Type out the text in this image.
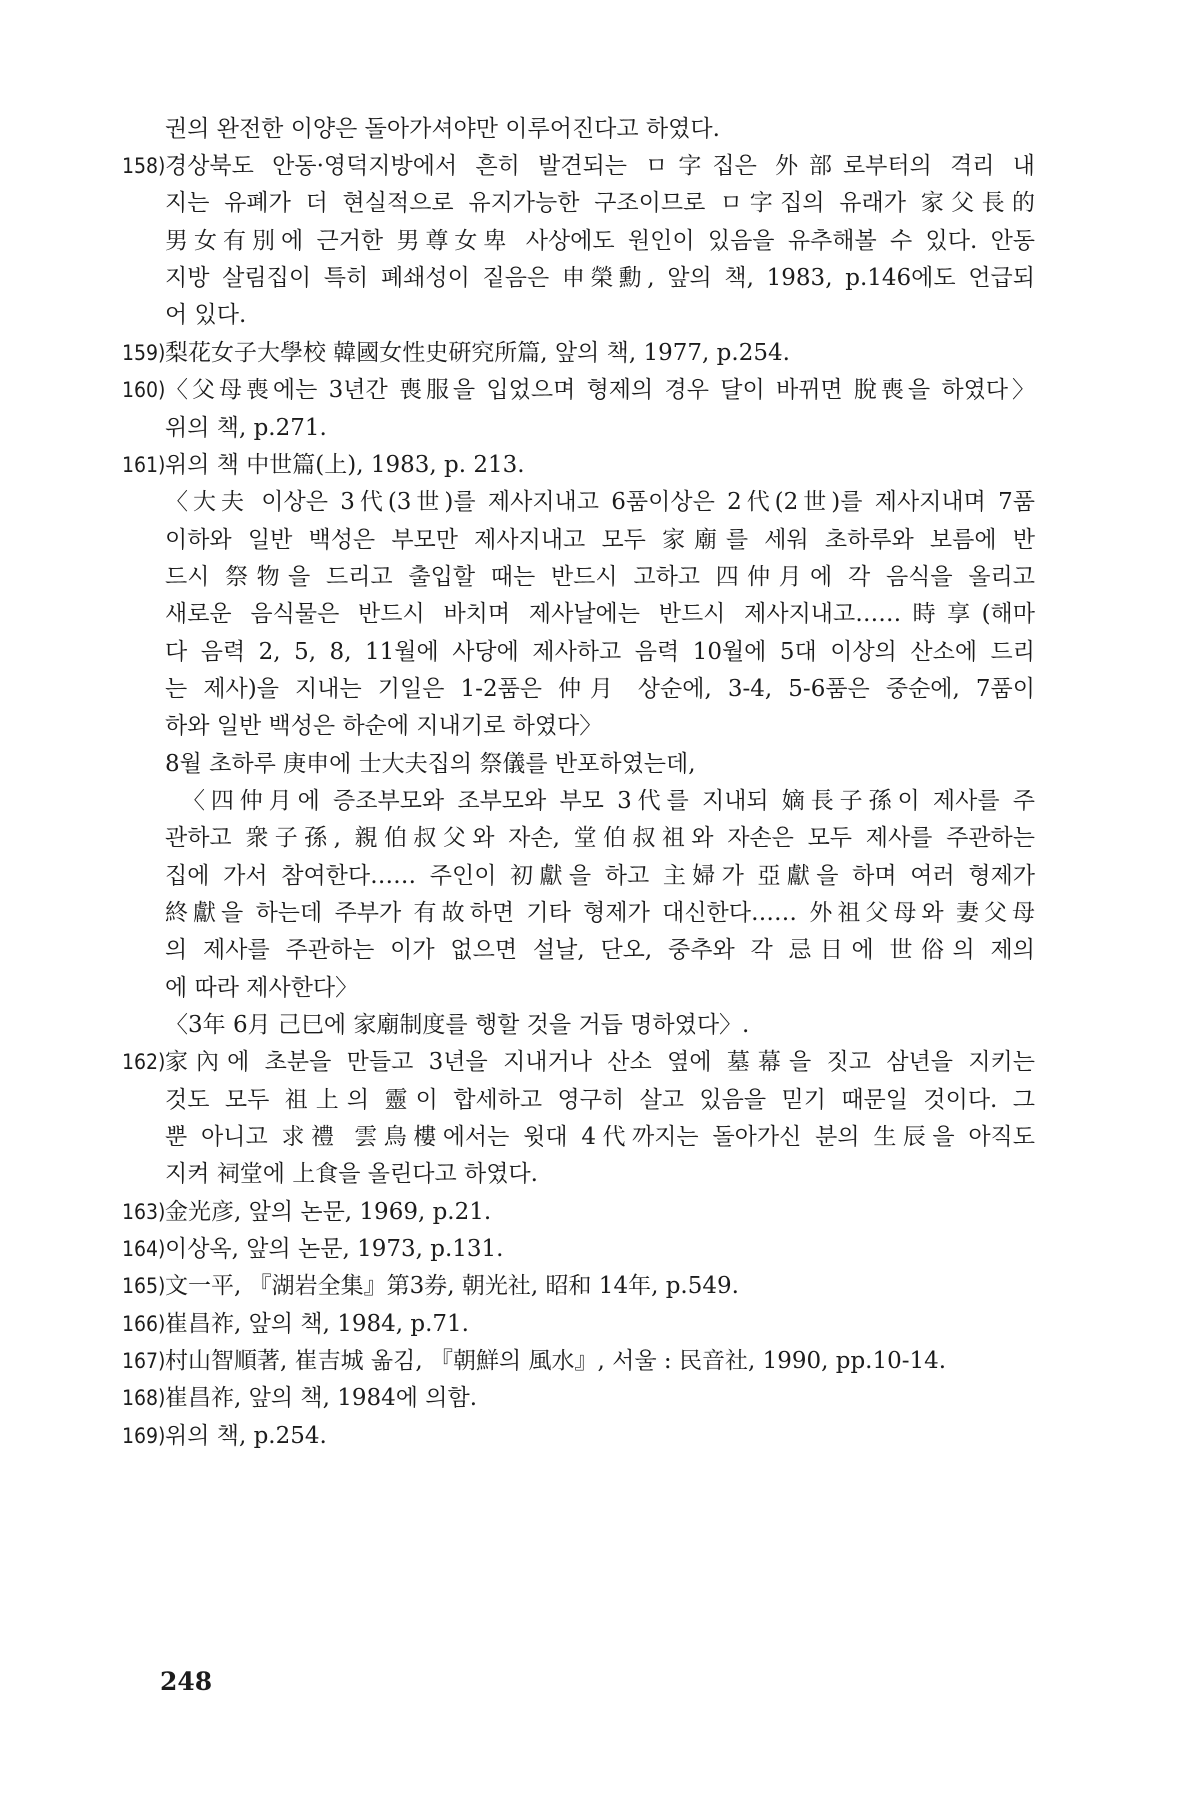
권의 완전한 이양은 돌아가셔야만 이루어진다고 하였다.
158) 경상북도 안동·영덕지방에서 흔히 발견되는 ㅁ字집은 外部로부터의 격리 내
지는 유폐가 더 현실적으로 유지가능한 구조이므로 ㅁ字집의 유래가 家父長的
男女有別에 근거한 男尊女卑 사상에도 원인이 있음을 유추해볼 수 있다. 안동
지방 살림집이 특히 폐쇄성이 짙음은 申榮勳, 앞의 책, 1983, p.146에도 언급되
어 있다.
159) 梨花女子大學校 韓國女性史硏究所篇, 앞의 책, 1977, p.254.
160) 〈父母喪에는 3년간 喪服을 입었으며 형제의 경우 달이 바뀌면 脫喪을 하였다〉
위의 책, p.271.
161) 위의 책 中世篇(上), 1983, p. 213.
〈大夫 이상은 3代(3世)를 제사지내고 6품이상은 2代(2世)를 제사지내며 7품
이하와 일반 백성은 부모만 제사지내고 모두 家廟를 세워 초하루와 보름에 반
드시 祭物을 드리고 출입할 때는 반드시 고하고 四仲月에 각 음식을 올리고
새로운 음식물은 반드시 바치며 제사날에는 반드시 제사지내고……時享(해마
다 음력 2, 5, 8, 11월에 사당에 제사하고 음력 10월에 5대 이상의 산소에 드리
는 제사)을 지내는 기일은 1-2품은 仲月 상순에, 3-4, 5-6품은 중순에, 7품이
하와 일반 백성은 하순에 지내기로 하였다〉
8월 초하루 庚申에 士大夫집의 祭儀를 반포하였는데,
〈四仲月에 증조부모와 조부모와 부모 3代를 지내되 嫡長子孫이 제사를 주
관하고 衆子孫, 親伯叔父와 자손, 堂伯叔祖와 자손은 모두 제사를 주관하는
집에 가서 참여한다…… 주인이 初獻을 하고 主婦가 亞獻을 하며 여러 형제가
終獻을 하는데 주부가 有故하면 기타 형제가 대신한다…… 外祖父母와 妻父母
의 제사를 주관하는 이가 없으면 설날, 단오, 중추와 각 忌日에 世俗의 제의
에 따라 제사한다〉
〈3年 6月 己巳에 家廟制度를 행할 것을 거듭 명하였다〉.
162) 家內에 초분을 만들고 3년을 지내거나 산소 옆에 墓幕을 짓고 삼년을 지키는
것도 모두 祖上의 靈이 합세하고 영구히 살고 있음을 믿기 때문일 것이다. 그
뿐 아니고 求禮 雲鳥樓에서는 윗대 4代까지는 돌아가신 분의 生辰을 아직도
지켜 祠堂에 上食을 올린다고 하였다.
163) 金光彦, 앞의 논문, 1969, p.21.
164) 이상옥, 앞의 논문, 1973, p.131.
165) 文一平, 『湖岩全集』第3券, 朝光社, 昭和 14年, p.549.
166) 崔昌祚, 앞의 책, 1984, p.71.
167) 村山智順著, 崔吉城 옮김, 『朝鮮의 風水』, 서울 : 民音社, 1990, pp.10-14.
168) 崔昌祚, 앞의 책, 1984에 의함.
169) 위의 책, p.254.
248
